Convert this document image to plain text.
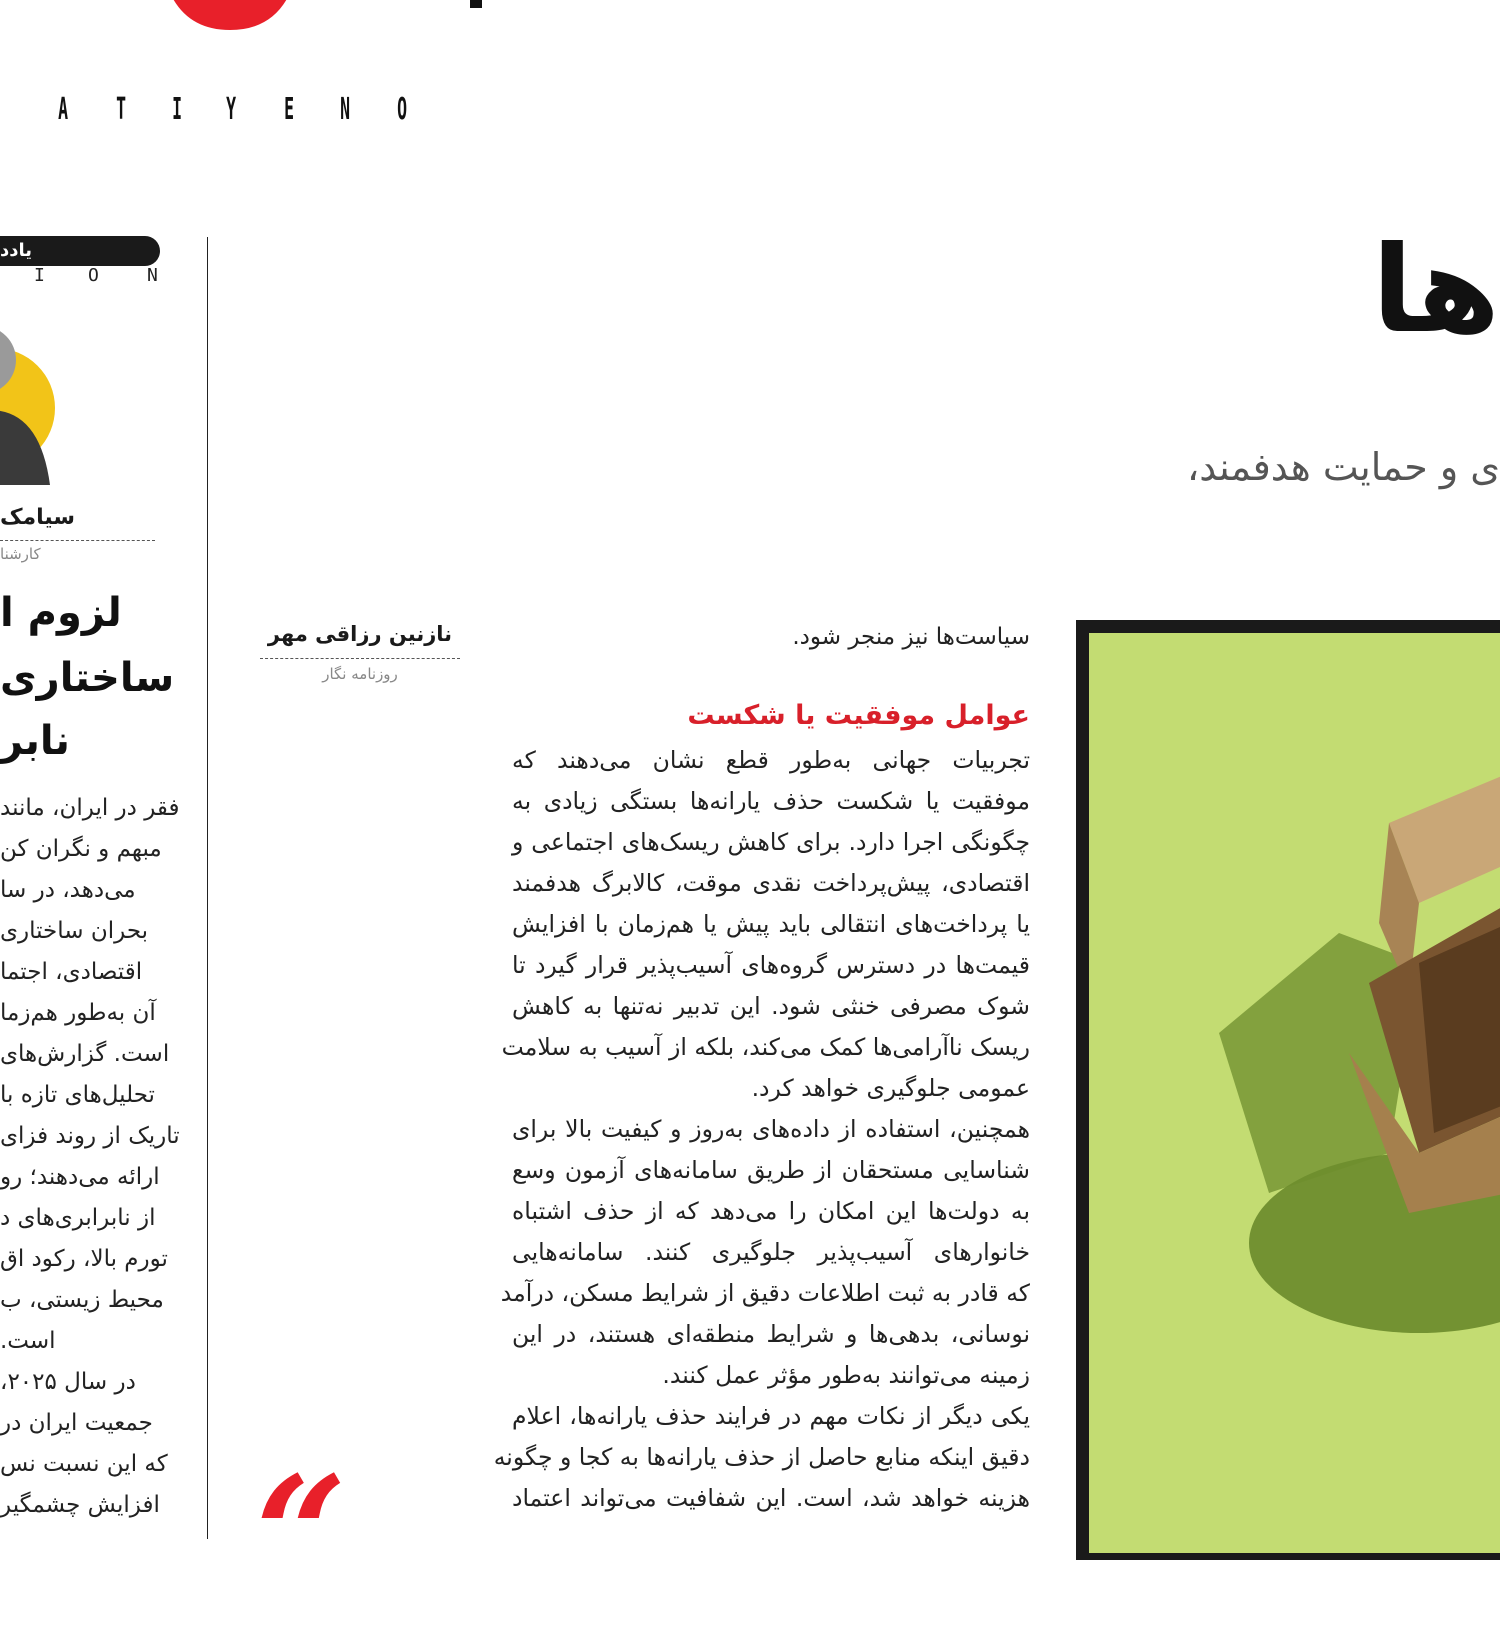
A T I Y E N O
ها
ی و حمایت هدفمند،
یادد
I O	N
سیامک
کارشنا
لزوم ا
ساختاری
نابر
فقر در ایران، مانند
مبهم و نگران کن
می‌دهد، در سا
بحران ساختاری
اقتصادی، اجتما
آن به‌طور هم‌زما
است. گزارش‌های
تحلیل‌های تازه با
تاریک از روند فزای
ارائه می‌دهند؛ رو
از نابرابری‌های د
تورم بالا، رکود اق
محیط زیستی، ب
است.
در سال ۲۰۲۵،
جمعیت ایران در
که این نسبت نس
افزایش چشمگیر
نازنین رزاقی مهر
روزنامه نگار
“
سیاست‌ها نیز منجر شود.
عوامل موفقیت یا شکست
تجربیات جهانی به‌طور قطع نشان می‌دهند که
موفقیت یا شکست حذف یارانه‌ها بستگی زیادی به
چگونگی اجرا دارد. برای کاهش ریسک‌های اجتماعی و
اقتصادی، پیش‌پرداخت نقدی موقت، کالابرگ هدفمند
یا پرداخت‌های انتقالی باید پیش یا هم‌زمان با افزایش
قیمت‌ها در دسترس گروه‌های آسیب‌پذیر قرار گیرد تا
شوک مصرفی خنثی شود. این تدبیر نه‌تنها به کاهش
ریسک ناآرامی‌ها کمک می‌کند، بلکه از آسیب به سلامت
عمومی جلوگیری خواهد کرد.
همچنین، استفاده از داده‌های به‌روز و کیفیت بالا برای
شناسایی مستحقان از طریق سامانه‌های آزمون وسع
به دولت‌ها این امکان را می‌دهد که از حذف اشتباه
خانوارهای آسیب‌پذیر جلوگیری کنند. سامانه‌هایی
که قادر به ثبت اطلاعات دقیق از شرایط مسکن، درآمد
نوسانی، بدهی‌ها و شرایط منطقه‌ای هستند، در این
زمینه می‌توانند به‌طور مؤثر عمل کنند.
یکی دیگر از نکات مهم در فرایند حذف یارانه‌ها، اعلام
دقیق اینکه منابع حاصل از حذف یارانه‌ها به کجا و چگونه
هزینه خواهد شد، است. این شفافیت می‌تواند اعتماد
